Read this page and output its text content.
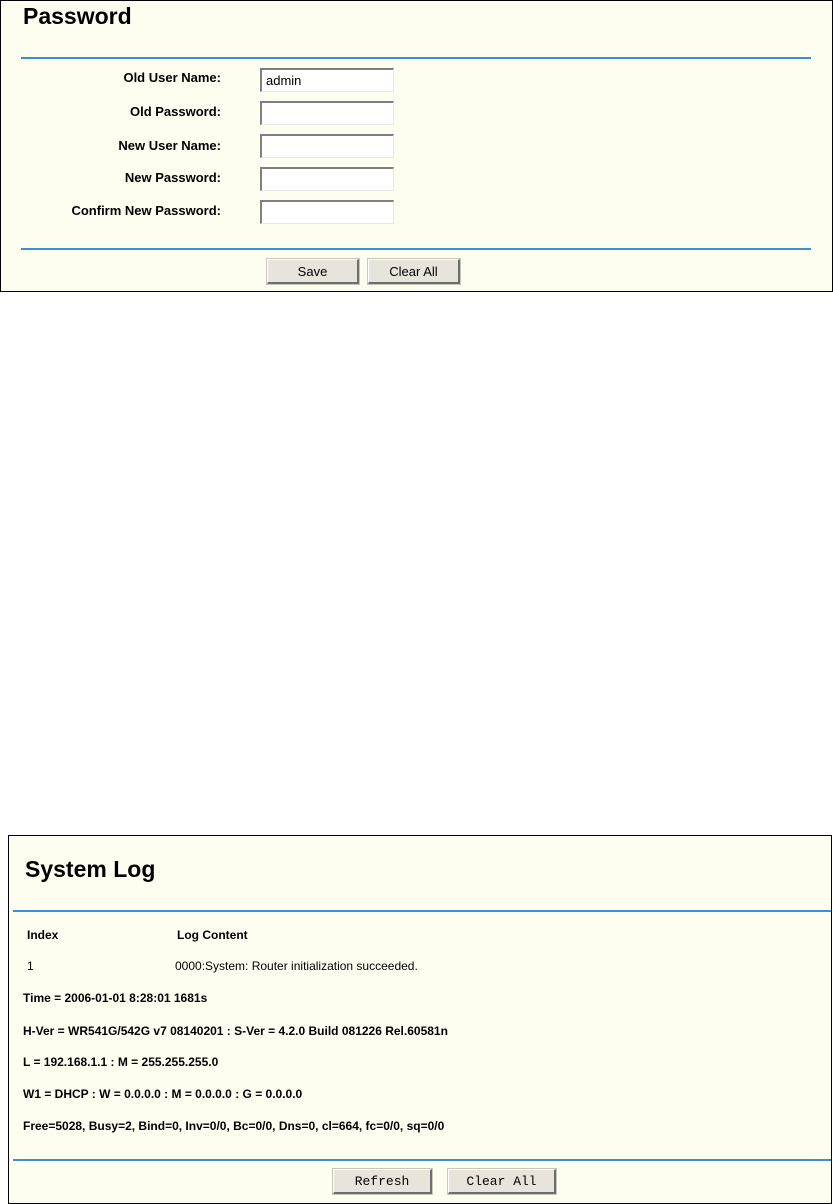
Password
Old User Name:
admin
Old Password:
New User Name:
New Password:
Confirm New Password:
Save	Clear All
System Log
Index	Log Content
1	0000:System: Router initialization succeeded.
Time = 2006-01-01 8:28:01 1681s
H-Ver = WR541G/542G v7 08140201 : S-Ver = 4.2.0 Build 081226 Rel.60581n
L = 192.168.1.1 : M = 255.255.255.0
W1 = DHCP : W = 0.0.0.0 : M = 0.0.0.0 : G = 0.0.0.0
Free=5028, Busy=2, Bind=0, Inv=0/0, Bc=0/0, Dns=0, cl=664, fc=0/0, sq=0/0
Refresh	Clear All
